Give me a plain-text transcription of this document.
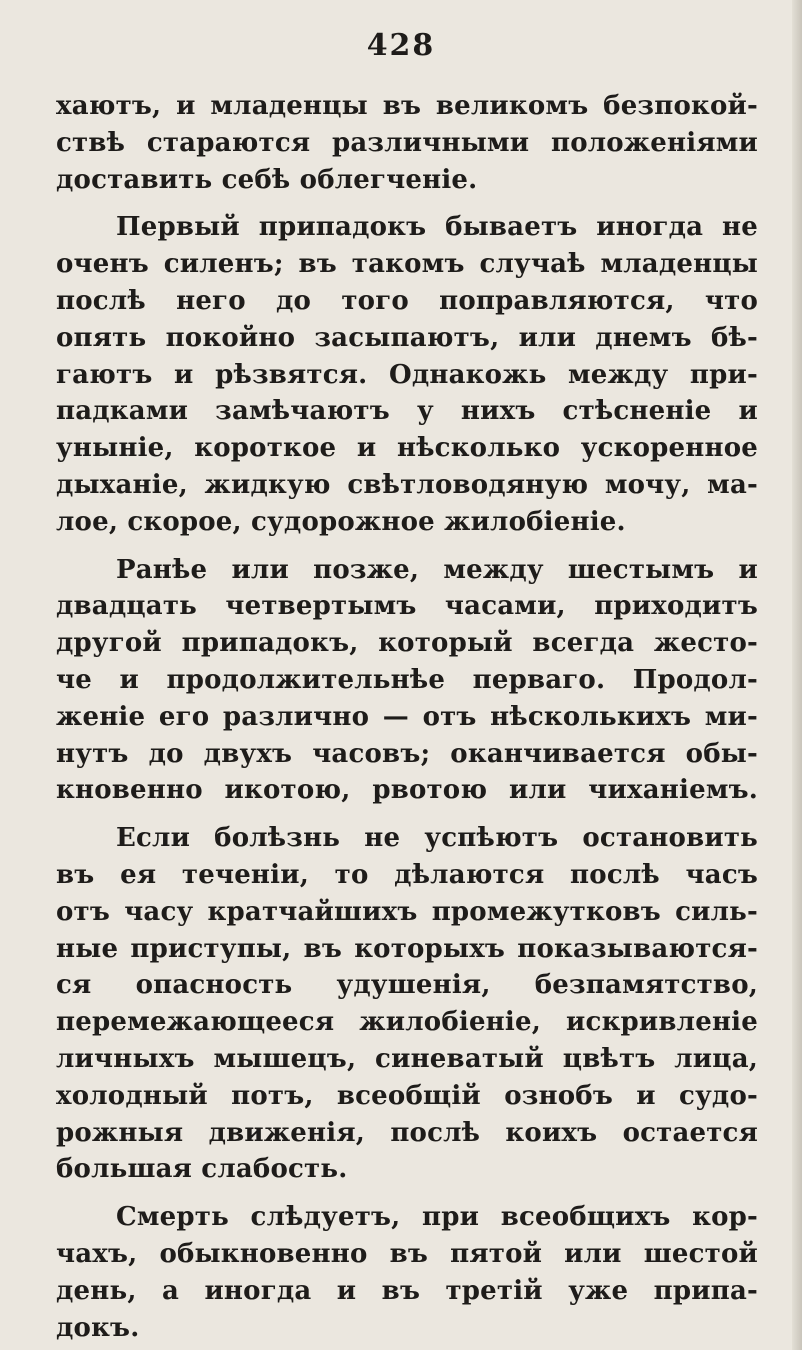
428
хаютъ, и младенцы въ великомъ безпокой-
ствѣ стараются различными положеніями
доставить себѣ облегченіе.
Первый припадокъ бываетъ иногда не
оченъ силенъ; въ такомъ случаѣ младенцы
послѣ него до того поправляются, что
опять покойно засыпаютъ, или днемъ бѣ-
гаютъ и рѣзвятся. Однакожь между при-
падками замѣчаютъ у нихъ стѣсненіе и
уныніе, короткое и нѣсколько ускоренное
дыханіе, жидкую свѣтловодяную мочу, ма-
лое, скорое, судорожное жилобіеніе.
Ранѣе или позже, между шестымъ и
двадцать четвертымъ часами, приходитъ
другой припадокъ, который всегда жесто-
че и продолжительнѣе перваго. Продол-
женіе его различно — отъ нѣсколькихъ ми-
нутъ до двухъ часовъ; оканчивается обы-
кновенно икотою, рвотою или чиханіемъ.
Если болѣзнь не успѣютъ остановить
въ ея теченіи, то дѣлаются послѣ часъ
отъ часу кратчайшихъ промежутковъ силь-
ные приступы, въ которыхъ показываются-
ся опасность удушенія, безпамятство,
перемежающееся жилобіеніе, искривленіе
личныхъ мышецъ, синеватый цвѣтъ лица,
холодный потъ, всеобщій ознобъ и судо-
рожныя движенія, послѣ коихъ остается
большая слабость.
Смерть слѣдуетъ, при всеобщихъ кор-
чахъ, обыкновенно въ пятой или шестой
день, а иногда и въ третій уже припа-
докъ.
